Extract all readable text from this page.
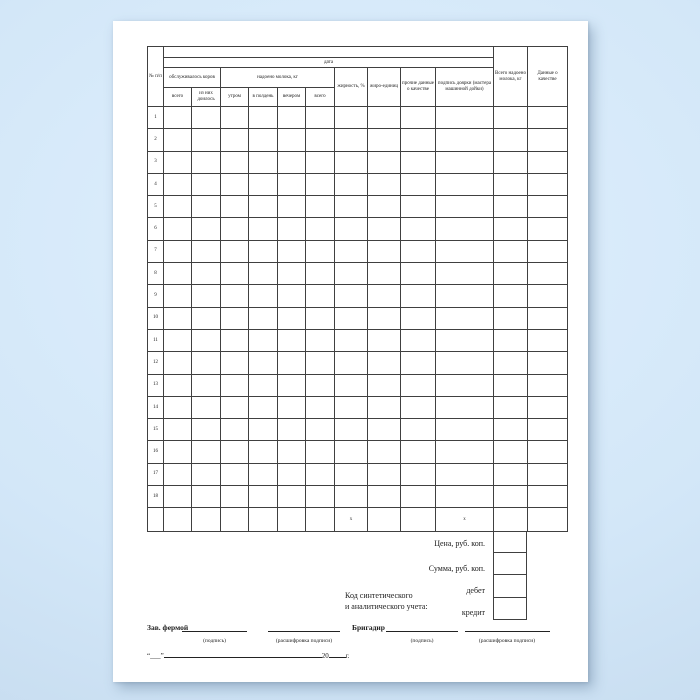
№ п/п											Всего надоено молока, кг	Данные о качестве
	дата											
	обслуживалось коров		надоено молока, кг				жирность, %	жиро-единиц	прочие данные о качестве	подпись доярки (мастера машинной дойки)		
	всего	из них доилось	утром	в полдень	вечером	всего						
1												
2												
3												
4												
5												
6												
7												
8												
9												
10												
11												
12												
13												
14												
15												
16												
17												
18												
							х			х		
Цена, руб. коп.
Сумма, руб. коп.
дебет
кредит
Код синтетического
и аналитического учета:
Зав. фермой	Бригадир
(подпись)	(расшифровка подписи)	(подпись)	(расшифровка подписи)
“___”	20 г.
